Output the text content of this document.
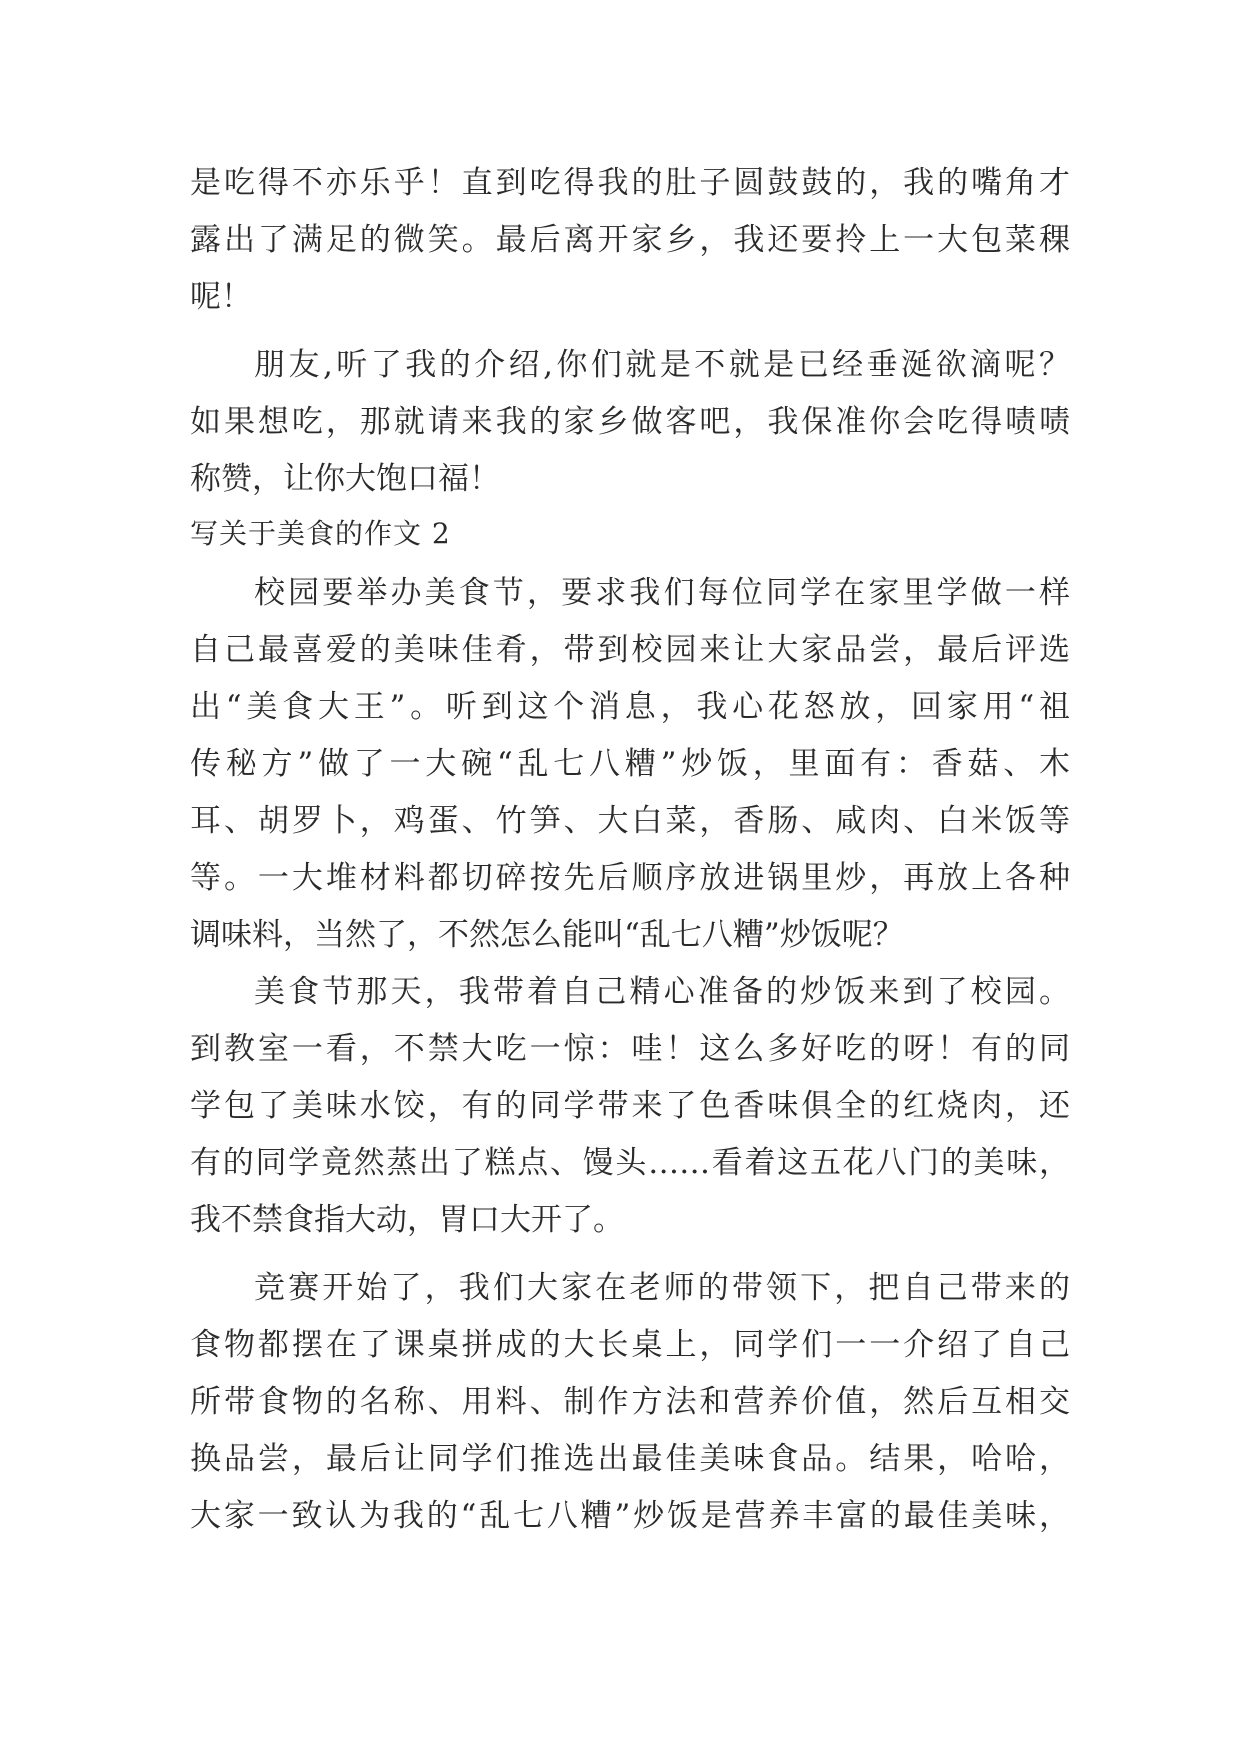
是吃得不亦乐乎！直到吃得我的肚子圆鼓鼓的，我的嘴角才
露出了满足的微笑。最后离开家乡，我还要拎上一大包菜稞
呢！
朋友,听了我的介绍,你们就是不就是已经垂涎欲滴呢？
如果想吃，那就请来我的家乡做客吧，我保准你会吃得啧啧
称赞，让你大饱口福！
写关于美食的作文 2
校园要举办美食节，要求我们每位同学在家里学做一样
自己最喜爱的美味佳肴，带到校园来让大家品尝，最后评选
出“美食大王”。听到这个消息，我心花怒放，回家用“祖
传秘方”做了一大碗“乱七八糟”炒饭，里面有：香菇、木
耳、胡罗卜，鸡蛋、竹笋、大白菜，香肠、咸肉、白米饭等
等。一大堆材料都切碎按先后顺序放进锅里炒，再放上各种
调味料，当然了，不然怎么能叫“乱七八糟”炒饭呢？
美食节那天，我带着自己精心准备的炒饭来到了校园。
到教室一看，不禁大吃一惊：哇！这么多好吃的呀！有的同
学包了美味水饺，有的同学带来了色香味俱全的红烧肉，还
有的同学竟然蒸出了糕点、馒头……看着这五花八门的美味，
我不禁食指大动，胃口大开了。
竞赛开始了，我们大家在老师的带领下，把自己带来的
食物都摆在了课桌拼成的大长桌上，同学们一一介绍了自己
所带食物的名称、用料、制作方法和营养价值，然后互相交
换品尝，最后让同学们推选出最佳美味食品。结果，哈哈，
大家一致认为我的“乱七八糟”炒饭是营养丰富的最佳美味，
